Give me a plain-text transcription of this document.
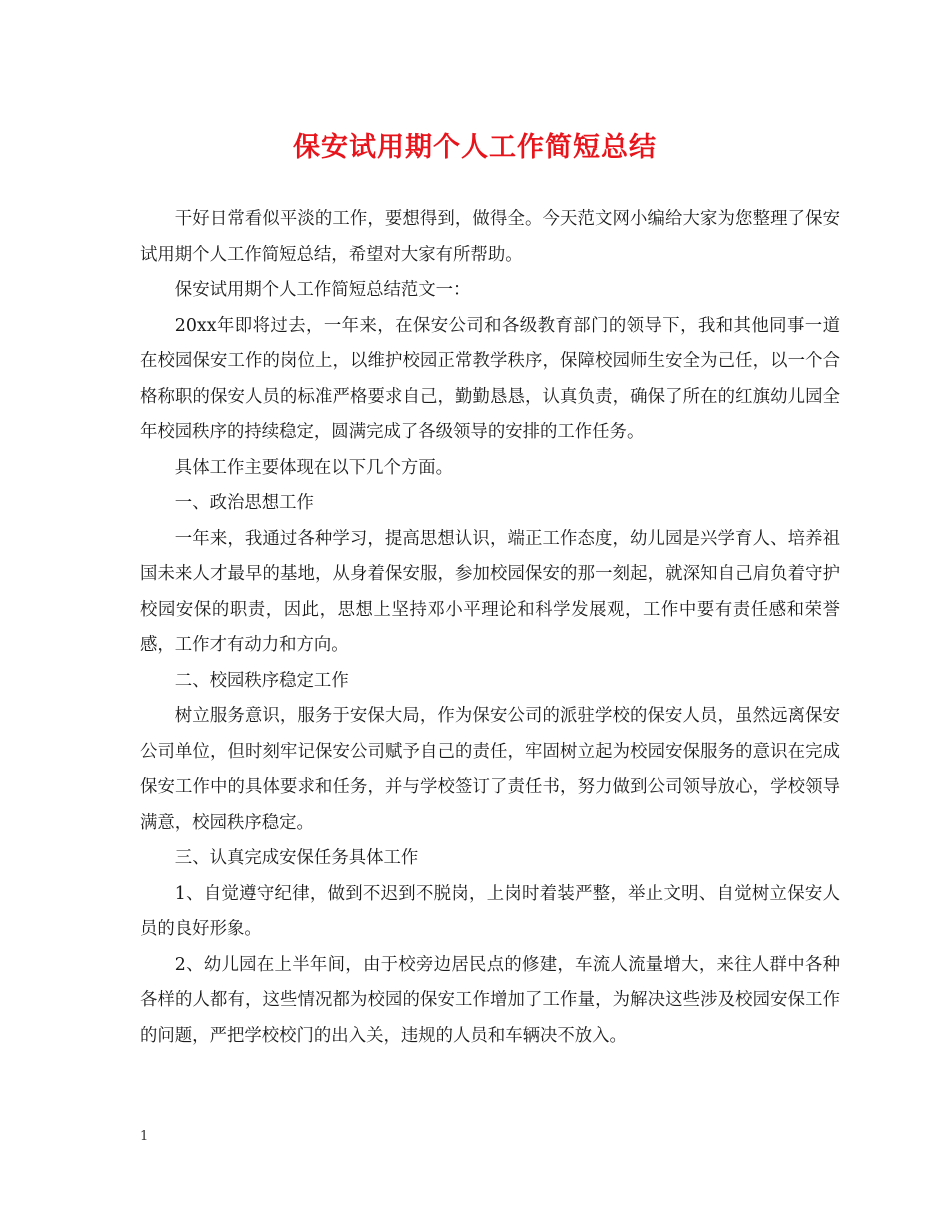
保安试用期个人工作简短总结

干好日常看似平淡的工作，要想得到，做得全。今天范文网小编给大家为您整理了保安试用期个人工作简短总结，希望对大家有所帮助。

保安试用期个人工作简短总结范文一：

20xx年即将过去，一年来，在保安公司和各级教育部门的领导下，我和其他同事一道在校园保安工作的岗位上，以维护校园正常教学秩序，保障校园师生安全为己任，以一个合格称职的保安人员的标准严格要求自己，勤勤恳恳，认真负责，确保了所在的红旗幼儿园全年校园秩序的持续稳定，圆满完成了各级领导的安排的工作任务。

具体工作主要体现在以下几个方面。

一、政治思想工作

一年来，我通过各种学习，提高思想认识，端正工作态度，幼儿园是兴学育人、培养祖国未来人才最早的基地，从身着保安服，参加校园保安的那一刻起，就深知自己肩负着守护校园安保的职责，因此，思想上坚持邓小平理论和科学发展观，工作中要有责任感和荣誉感，工作才有动力和方向。

二、校园秩序稳定工作

树立服务意识，服务于安保大局，作为保安公司的派驻学校的保安人员，虽然远离保安公司单位，但时刻牢记保安公司赋予自己的责任，牢固树立起为校园安保服务的意识在完成保安工作中的具体要求和任务，并与学校签订了责任书，努力做到公司领导放心，学校领导满意，校园秩序稳定。

三、认真完成安保任务具体工作

1、自觉遵守纪律，做到不迟到不脱岗，上岗时着装严整，举止文明、自觉树立保安人员的良好形象。

2、幼儿园在上半年间，由于校旁边居民点的修建，车流人流量增大，来往人群中各种各样的人都有，这些情况都为校园的保安工作增加了工作量，为解决这些涉及校园安保工作的问题，严把学校校门的出入关，违规的人员和车辆决不放入。

1
